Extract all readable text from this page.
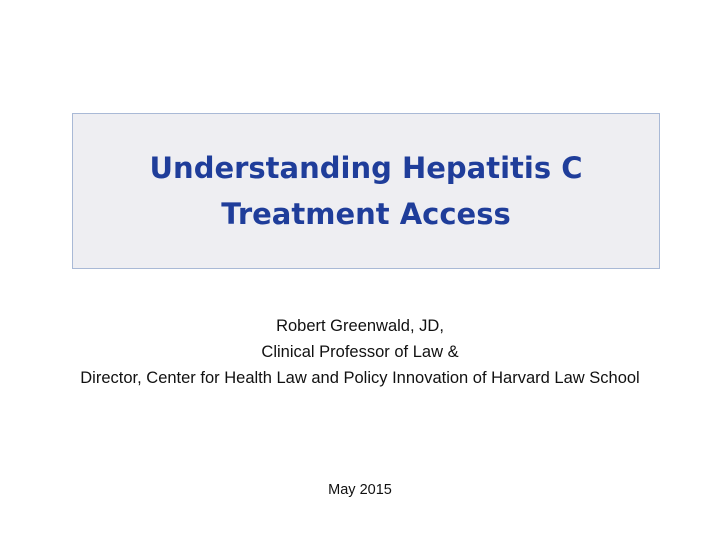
Understanding Hepatitis C
Treatment Access
Robert Greenwald, JD,
Clinical Professor of Law &
Director, Center for Health Law and Policy Innovation of Harvard Law School
May 2015
